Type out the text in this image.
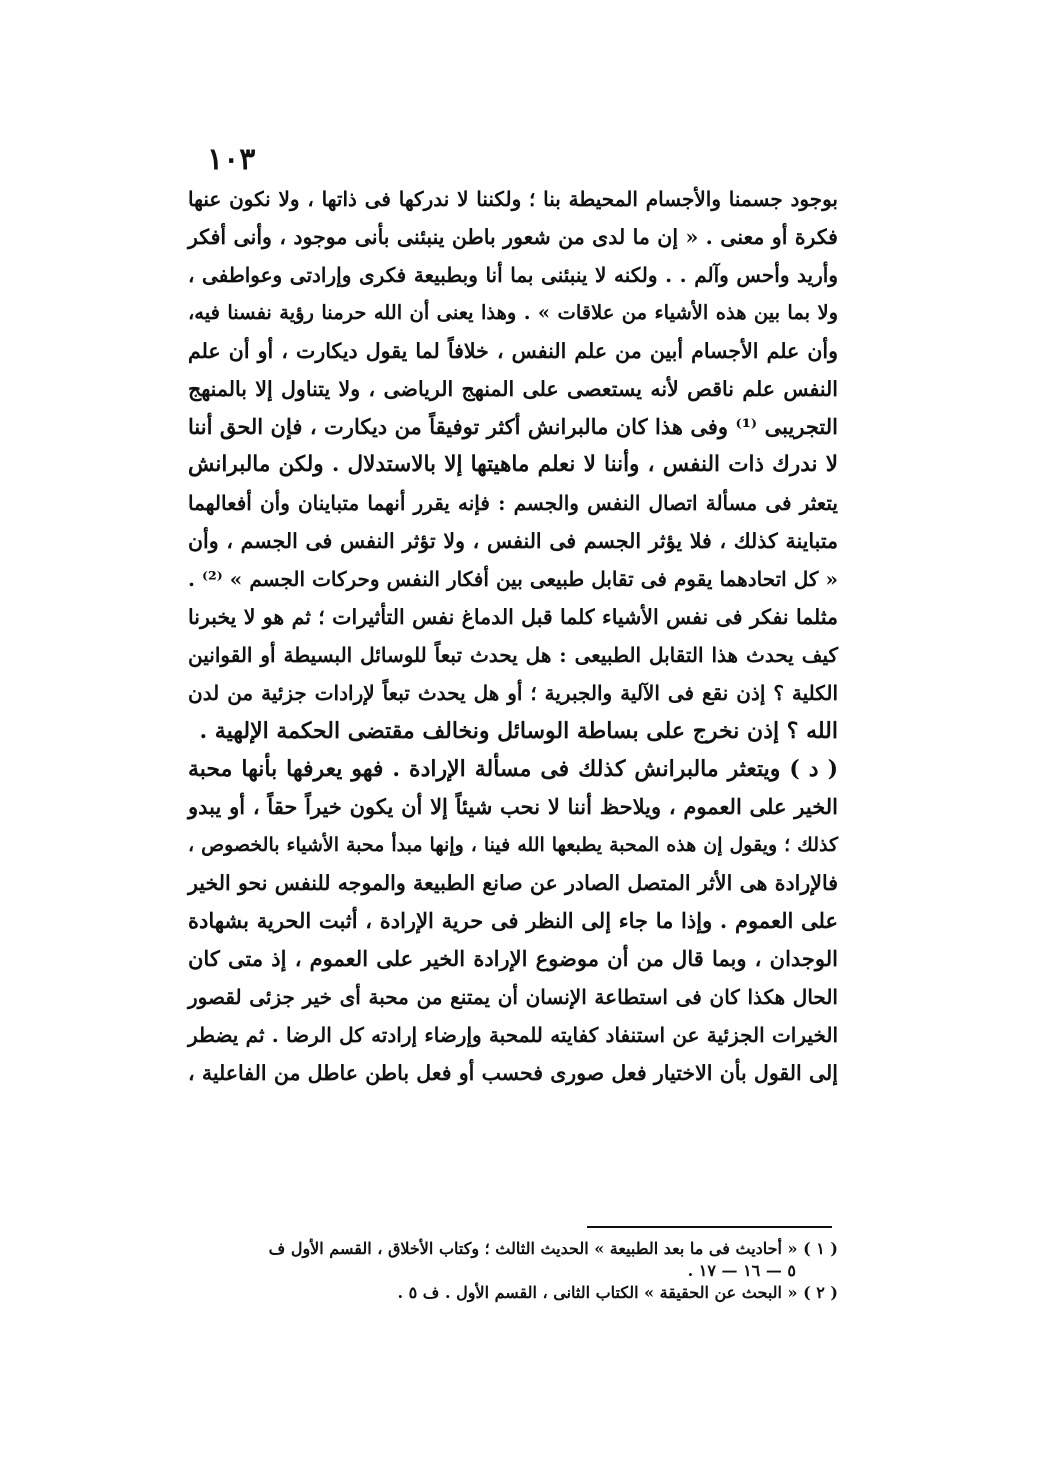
١٠٣
بوجود جسمنا والأجسام المحيطة بنا ؛ ولكننا لا ندركها فى ذاتها ، ولا نكون عنها
فكرة أو معنى . « إن ما لدى من شعور باطن ينبئنى بأنى موجود ، وأنى أفكر
وأريد وأحس وآلم . . ولكنه لا ينبئنى بما أنا وبطبيعة فكرى وإرادتى وعواطفى ،
ولا بما بين هذه الأشياء من علاقات » . وهذا يعنى أن الله حرمنا رؤية نفسنا فيه،
وأن علم الأجسام أبين من علم النفس ، خلافاً لما يقول ديكارت ، أو أن علم
النفس علم ناقص لأنه يستعصى على المنهج الرياضى ، ولا يتناول إلا بالمنهج
التجريبى ⁽¹⁾ وفى هذا كان مالبرانش أكثر توفيقاً من ديكارت ، فإن الحق أننا
لا ندرك ذات النفس ، وأننا لا نعلم ماهيتها إلا بالاستدلال . ولكن مالبرانش
يتعثر فى مسألة اتصال النفس والجسم : فإنه يقرر أنهما متباينان وأن أفعالهما
متباينة كذلك ، فلا يؤثر الجسم فى النفس ، ولا تؤثر النفس فى الجسم ، وأن
« كل اتحادهما يقوم فى تقابل طبيعى بين أفكار النفس وحركات الجسم » ⁽²⁾ .
مثلما نفكر فى نفس الأشياء كلما قبل الدماغ نفس التأثيرات ؛ ثم هو لا يخبرنا
كيف يحدث هذا التقابل الطبيعى : هل يحدث تبعاً للوسائل البسيطة أو القوانين
الكلية ؟ إذن نقع فى الآلية والجبرية ؛ أو هل يحدث تبعاً لإرادات جزئية من لدن
الله ؟ إذن نخرج على بساطة الوسائل ونخالف مقتضى الحكمة الإلهية .
( د ) ويتعثر مالبرانش كذلك فى مسألة الإرادة . فهو يعرفها بأنها محبة
الخير على العموم ، ويلاحظ أننا لا نحب شيئاً إلا أن يكون خيراً حقاً ، أو يبدو
كذلك ؛ ويقول إن هذه المحبة يطبعها الله فينا ، وإنها مبدأ محبة الأشياء بالخصوص ،
فالإرادة هى الأثر المتصل الصادر عن صانع الطبيعة والموجه للنفس نحو الخير
على العموم . وإذا ما جاء إلى النظر فى حرية الإرادة ، أثبت الحرية بشهادة
الوجدان ، وبما قال من أن موضوع الإرادة الخير على العموم ، إذ متى كان
الحال هكذا كان فى استطاعة الإنسان أن يمتنع من محبة أى خير جزئى لقصور
الخيرات الجزئية عن استنفاد كفايته للمحبة وإرضاء إرادته كل الرضا . ثم يضطر
إلى القول بأن الاختيار فعل صورى فحسب أو فعل باطن عاطل من الفاعلية ،
( ١ ) « أحاديث فى ما بعد الطبيعة » الحديث الثالث ؛ وكتاب الأخلاق ، القسم الأول ف
٥ — ١٦ — ١٧ .
( ٢ ) « البحث عن الحقيقة » الكتاب الثانى ، القسم الأول . ف ٥ .
